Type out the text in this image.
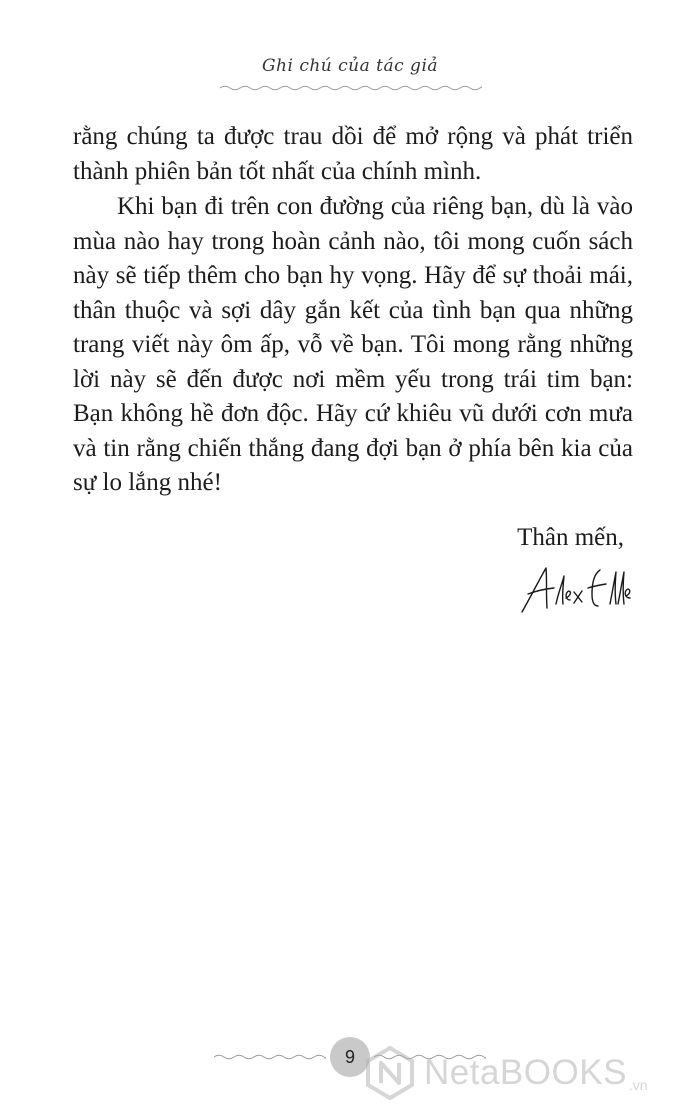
Ghi chú của tác giả

rằng chúng ta được trau dồi để mở rộng và phát triển thành phiên bản tốt nhất của chính mình.

Khi bạn đi trên con đường của riêng bạn, dù là vào mùa nào hay trong hoàn cảnh nào, tôi mong cuốn sách này sẽ tiếp thêm cho bạn hy vọng. Hãy để sự thoải mái, thân thuộc và sợi dây gắn kết của tình bạn qua những trang viết này ôm ấp, vỗ về bạn. Tôi mong rằng những lời này sẽ đến được nơi mềm yếu trong trái tim bạn: Bạn không hề đơn độc. Hãy cứ khiêu vũ dưới cơn mưa và tin rằng chiến thắng đang đợi bạn ở phía bên kia của sự lo lắng nhé!

Thân mến,
9 NetaBOOKS .vn
